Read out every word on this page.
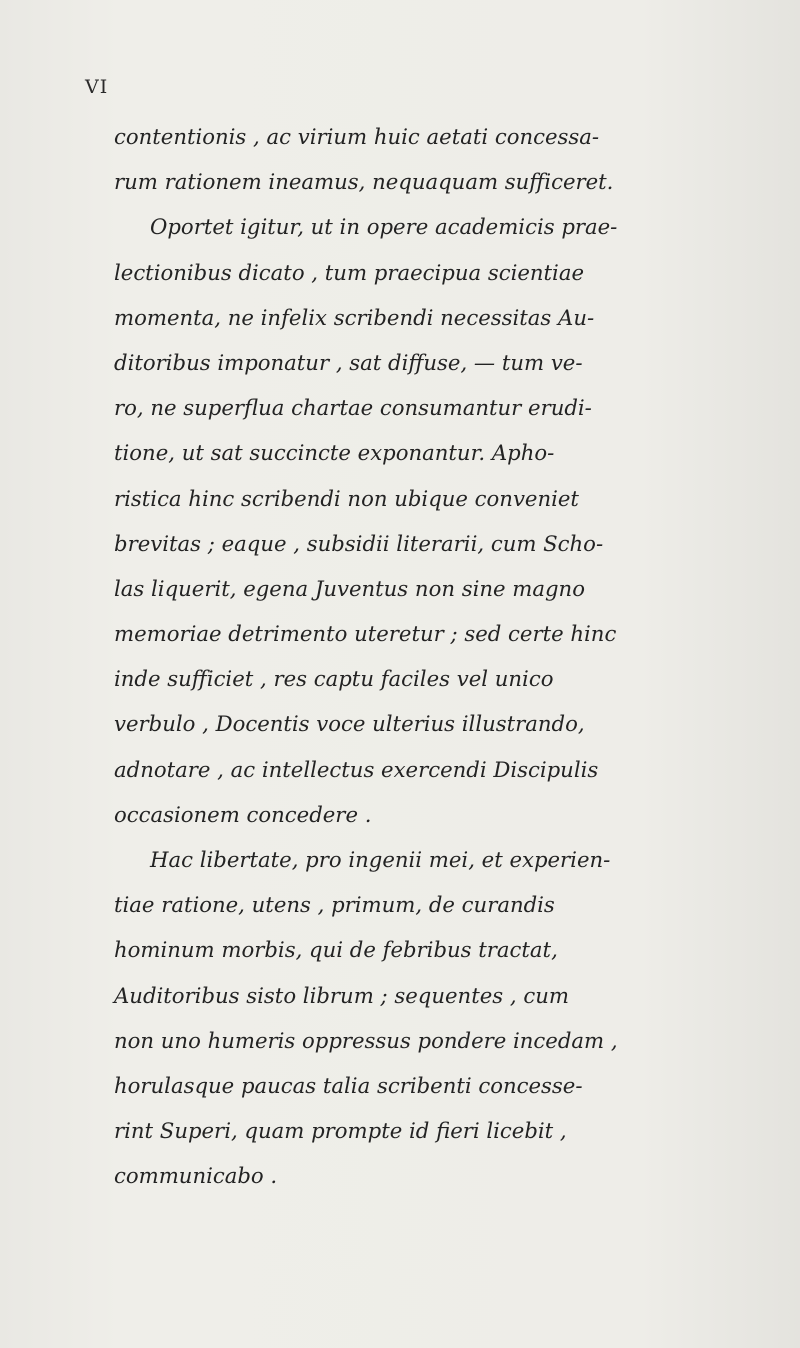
VI
contentionis , ac virium huic aetati concessa-
rum rationem ineamus, nequaquam sufficeret.
Oportet igitur, ut in opere academicis prae-
lectionibus dicato , tum praecipua scientiae
momenta, ne infelix scribendi necessitas Au-
ditoribus imponatur , sat diffuse, — tum ve-
ro, ne superflua chartae consumantur erudi-
tione, ut sat succincte exponantur. Apho-
ristica hinc scribendi non ubique conveniet
brevitas ; eaque , subsidii literarii, cum Scho-
las liquerit, egena Juventus non sine magno
memoriae detrimento uteretur ; sed certe hinc
inde sufficiet , res captu faciles vel unico
verbulo , Docentis voce ulterius illustrando,
adnotare , ac intellectus exercendi Discipulis
occasionem concedere .
Hac libertate, pro ingenii mei, et experien-
tiae ratione, utens , primum, de curandis
hominum morbis, qui de febribus tractat,
Auditoribus sisto librum ; sequentes , cum
non uno humeris oppressus pondere incedam ,
horulasque paucas talia scribenti concesse-
rint Superi, quam prompte id fieri licebit ,
communicabo .
